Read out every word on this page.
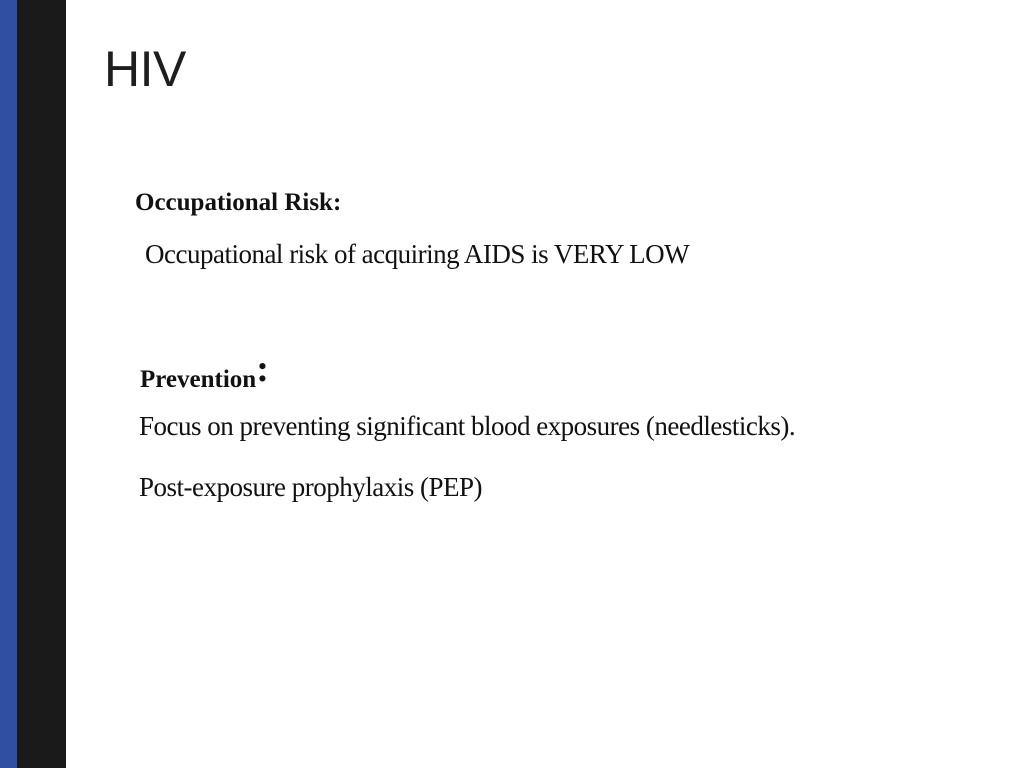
HIV
Occupational Risk:
Occupational risk of acquiring AIDS is VERY LOW
Prevention:
Focus on preventing significant blood exposures (needlesticks).
Post-exposure prophylaxis (PEP)
